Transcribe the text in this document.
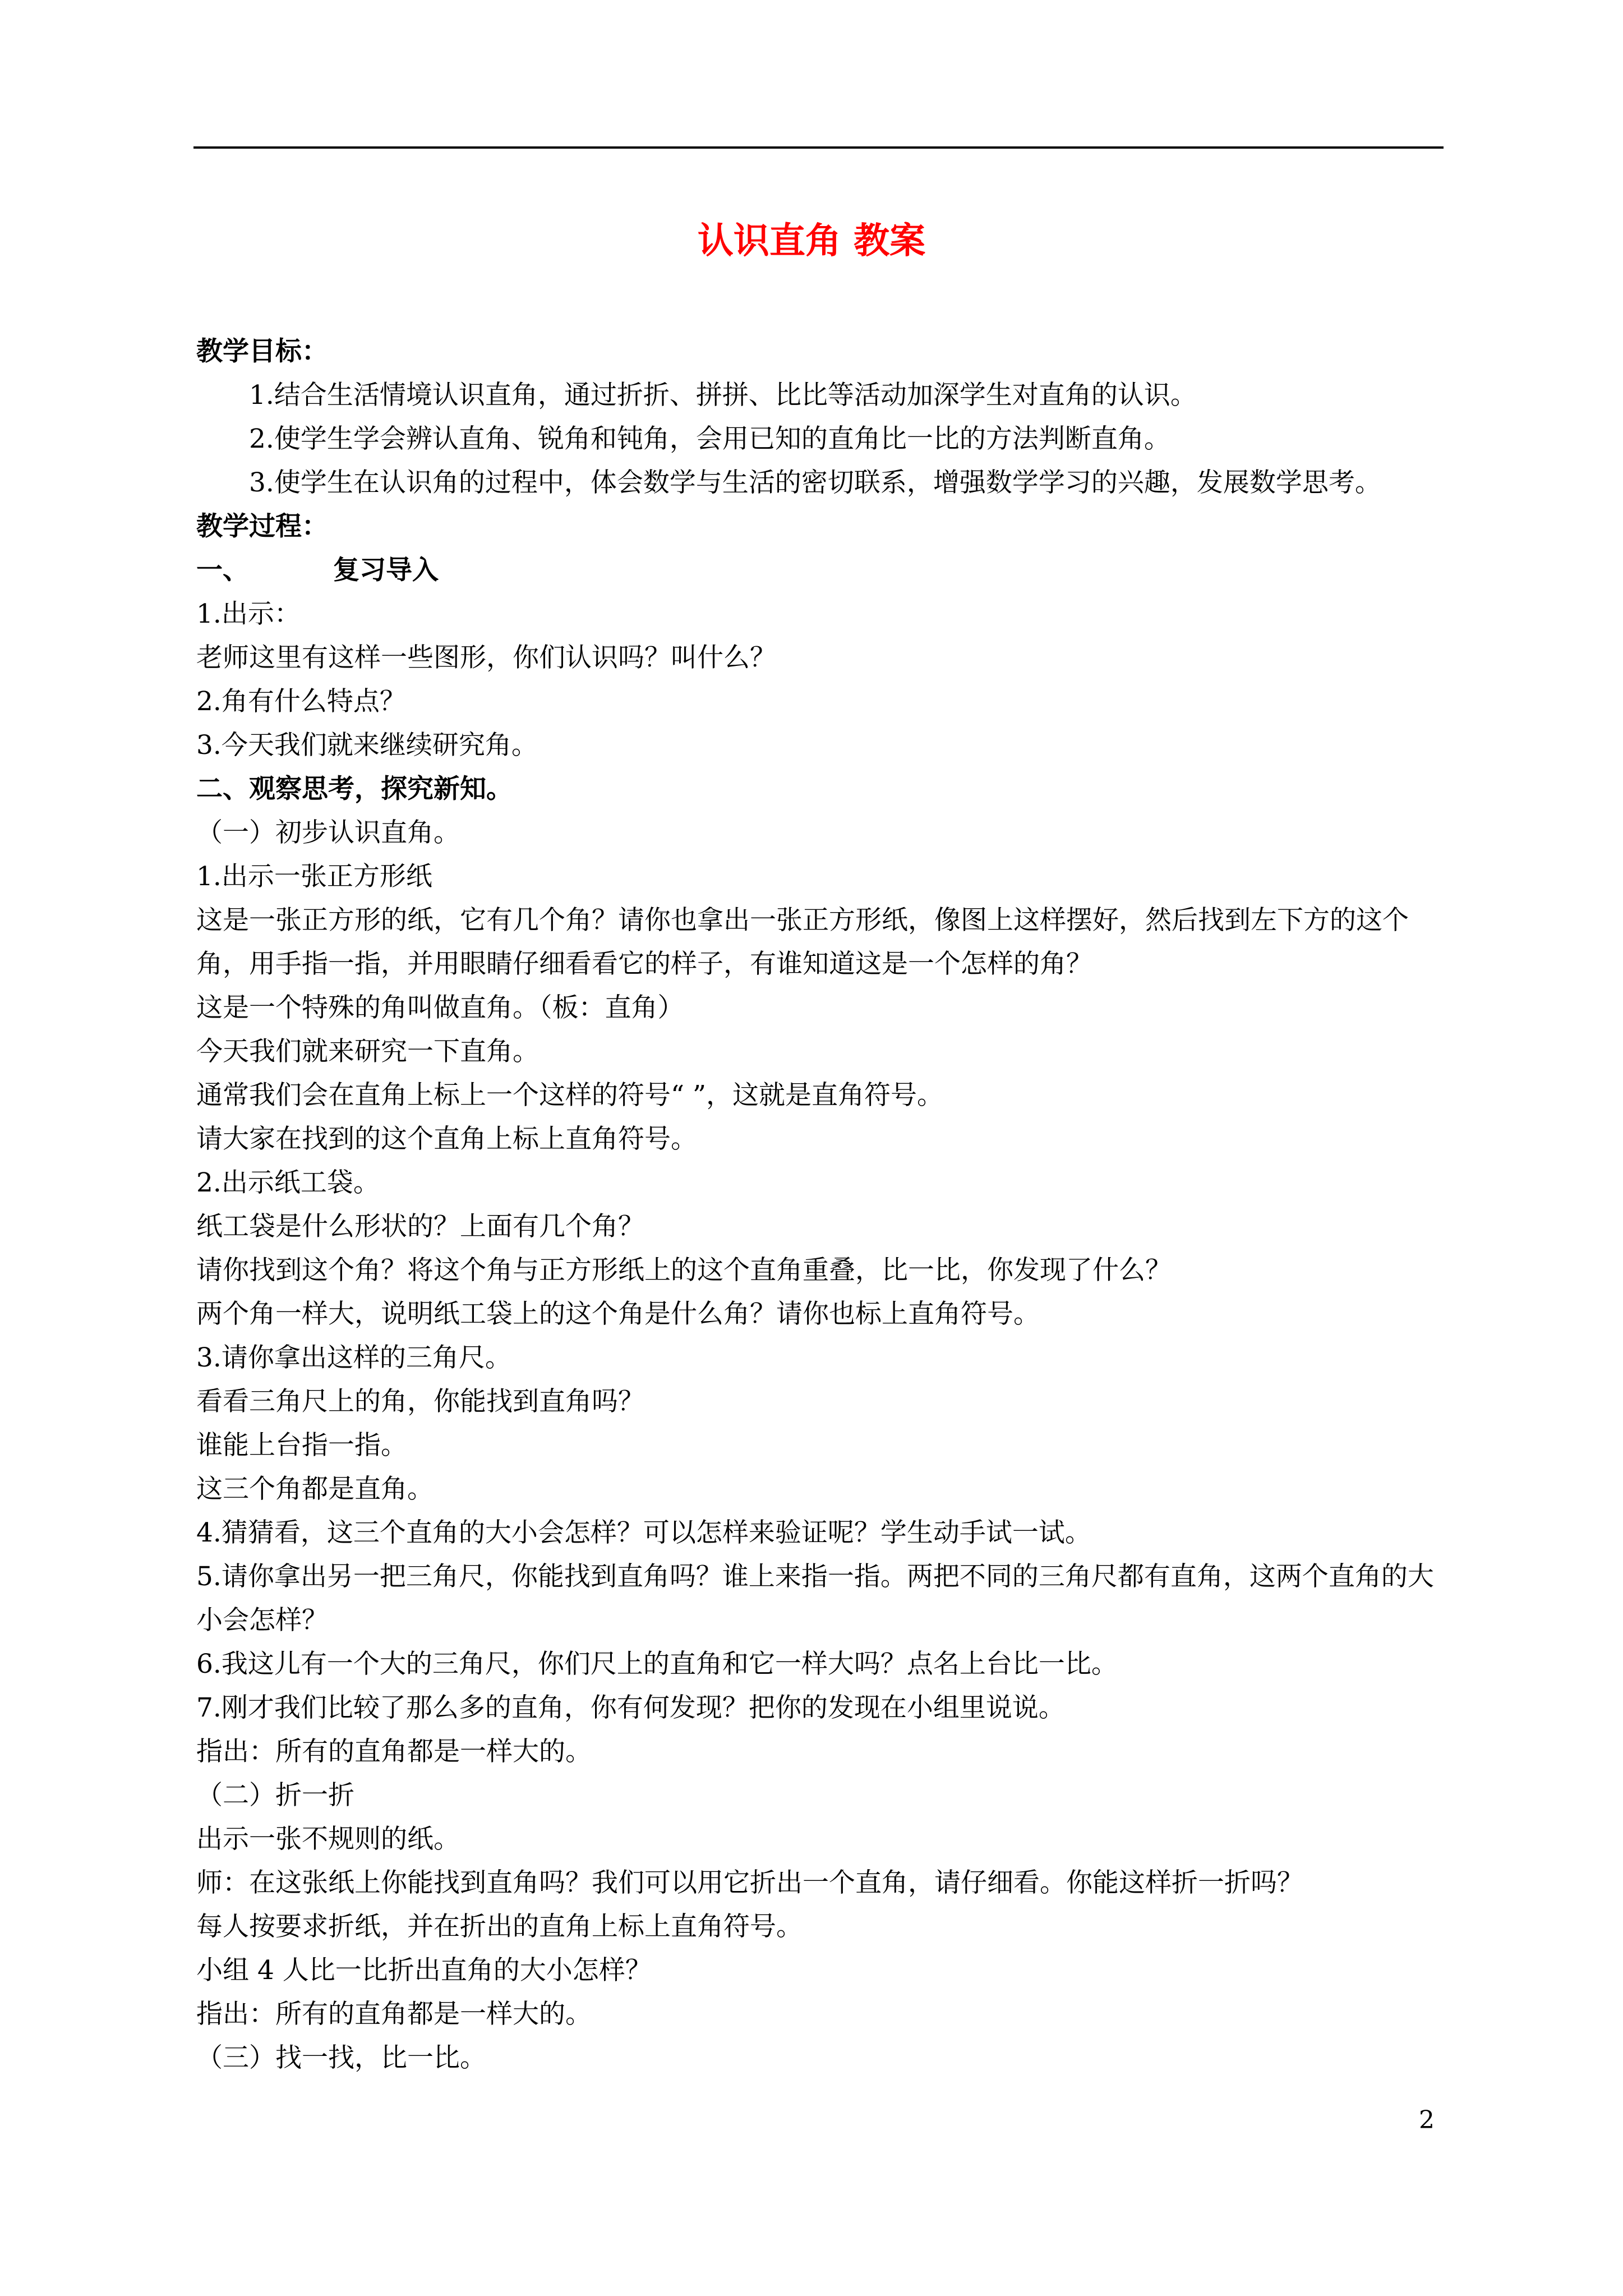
认识直角 教案
教学目标：
1.结合生活情境认识直角，通过折折、拼拼、比比等活动加深学生对直角的认识。
2.使学生学会辨认直角、锐角和钝角，会用已知的直角比一比的方法判断直角。
3.使学生在认识角的过程中，体会数学与生活的密切联系，增强数学学习的兴趣，发展数学思考。
教学过程：
一、	复习导入
1.出示：
老师这里有这样一些图形，你们认识吗？叫什么？
2.角有什么特点？
3.今天我们就来继续研究角。
二、观察思考，探究新知。
（一）初步认识直角。
1.出示一张正方形纸
这是一张正方形的纸，它有几个角？请你也拿出一张正方形纸，像图上这样摆好，然后找到左下方的这个角，用手指一指，并用眼睛仔细看看它的样子，有谁知道这是一个怎样的角？
这是一个特殊的角叫做直角。（板：直角）
今天我们就来研究一下直角。
通常我们会在直角上标上一个这样的符号“ ”，这就是直角符号。
请大家在找到的这个直角上标上直角符号。
2.出示纸工袋。
纸工袋是什么形状的？上面有几个角？
请你找到这个角？将这个角与正方形纸上的这个直角重叠，比一比，你发现了什么？
两个角一样大，说明纸工袋上的这个角是什么角？请你也标上直角符号。
3.请你拿出这样的三角尺。
看看三角尺上的角，你能找到直角吗？
谁能上台指一指。
这三个角都是直角。
4.猜猜看，这三个直角的大小会怎样？可以怎样来验证呢？学生动手试一试。
5.请你拿出另一把三角尺，你能找到直角吗？谁上来指一指。两把不同的三角尺都有直角，这两个直角的大小会怎样？
6.我这儿有一个大的三角尺，你们尺上的直角和它一样大吗？点名上台比一比。
7.刚才我们比较了那么多的直角，你有何发现？把你的发现在小组里说说。
指出：所有的直角都是一样大的。
（二）折一折
出示一张不规则的纸。
师：在这张纸上你能找到直角吗？我们可以用它折出一个直角，请仔细看。你能这样折一折吗？
每人按要求折纸，并在折出的直角上标上直角符号。
小组 4 人比一比折出直角的大小怎样？
指出：所有的直角都是一样大的。
（三）找一找，比一比。
2
